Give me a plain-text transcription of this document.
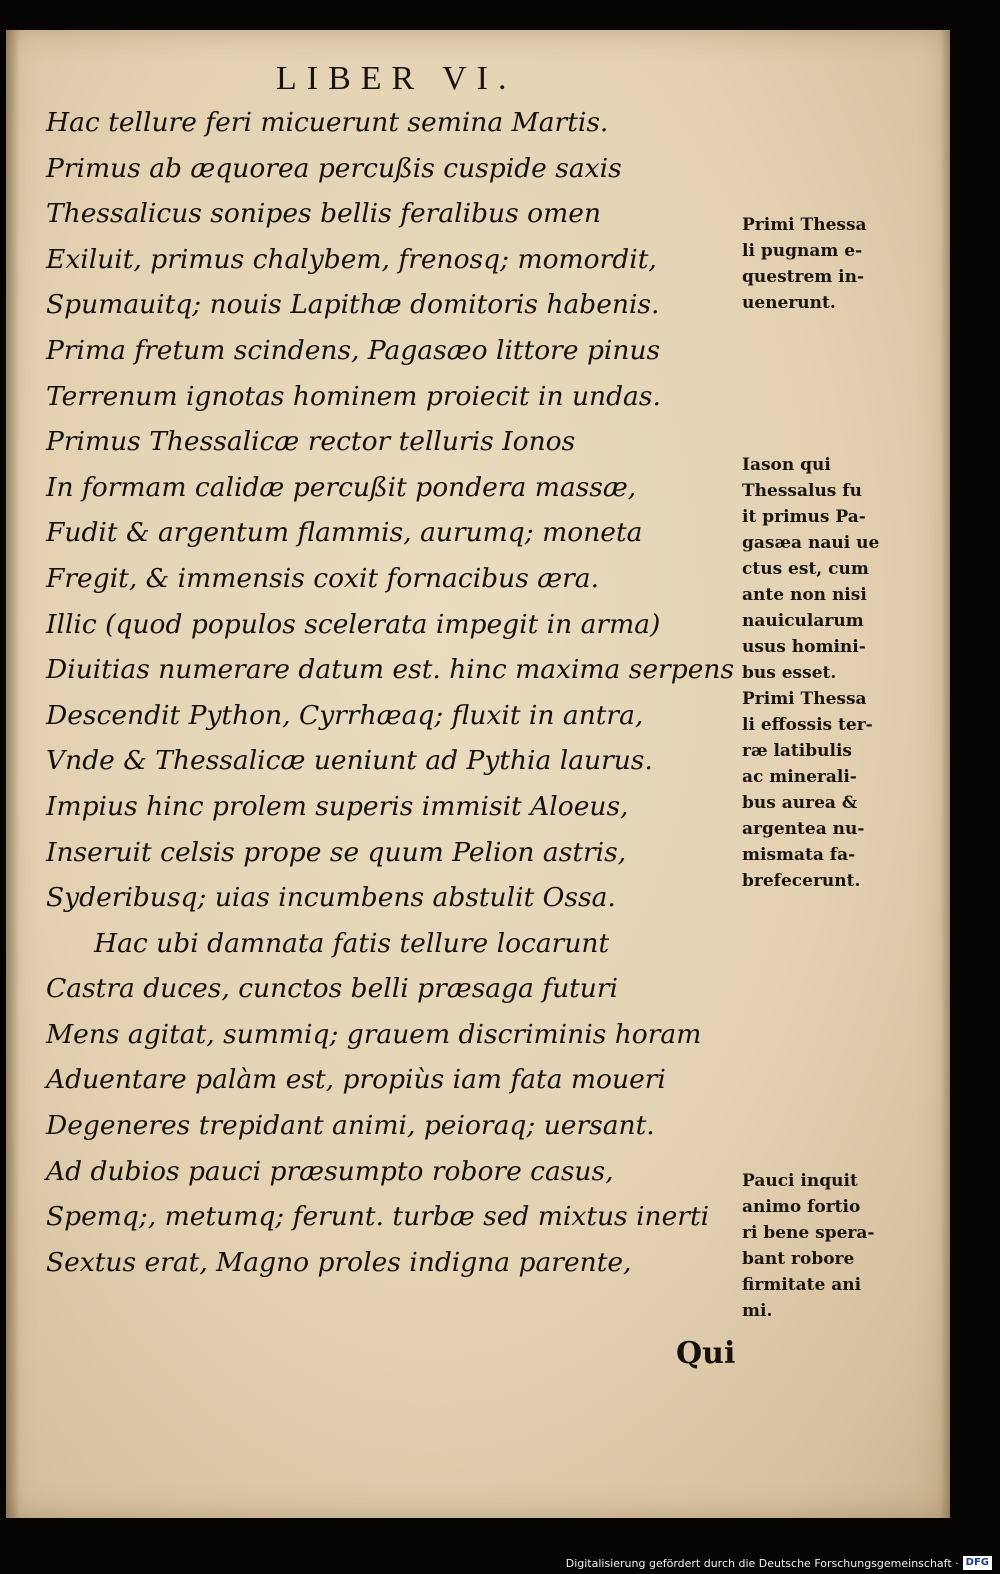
LIBER VI.
Hac tellure feri micuerunt semina Martis.
Primus ab æquorea percußis cuspide saxis
Thessalicus sonipes bellis feralibus omen
Exiluit, primus chalybem, frenosq; momordit,
Spumauitq; nouis Lapithæ domitoris habenis.
Prima fretum scindens, Pagasæo littore pinus
Terrenum ignotas hominem proiecit in undas.
Primus Thessalicæ rector telluris Ionos
In formam calidæ percußit pondera massæ,
Fudit & argentum flammis, aurumq; moneta
Fregit, & immensis coxit fornacibus æra.
Illic (quod populos scelerata impegit in arma)
Diuitias numerare datum est. hinc maxima serpens
Descendit Python, Cyrrhæaq; fluxit in antra,
Vnde & Thessalicæ ueniunt ad Pythia laurus.
Impius hinc prolem superis immisit Aloeus,
Inseruit celsis prope se quum Pelion astris,
Syderibusq; uias incumbens abstulit Ossa.
Hac ubi damnata fatis tellure locarunt
Castra duces, cunctos belli præsaga futuri
Mens agitat, summiq; grauem discriminis horam
Aduentare palàm est, propiùs iam fata moueri
Degeneres trepidant animi, peioraq; uersant.
Ad dubios pauci præsumpto robore casus,
Spemq;, metumq; ferunt. turbæ sed mixtus inerti
Sextus erat, Magno proles indigna parente,
Primi Thessa
li pugnam e-
questrem in-
uenerunt.
Iason qui
Thessalus fu
it primus Pa-
gasæa naui ue
ctus est, cum
ante non nisi
nauicularum
usus homini-
bus esset.
Primi Thessa
li effossis ter-
ræ latibulis
ac minerali-
bus aurea &
argentea nu-
mismata fa-
brefecerunt.
Pauci inquit
animo fortio
ri bene spera-
bant robore
firmitate ani
mi.
Qui
Digitalisierung gefördert durch die Deutsche Forschungsgemeinschaft · DFG
